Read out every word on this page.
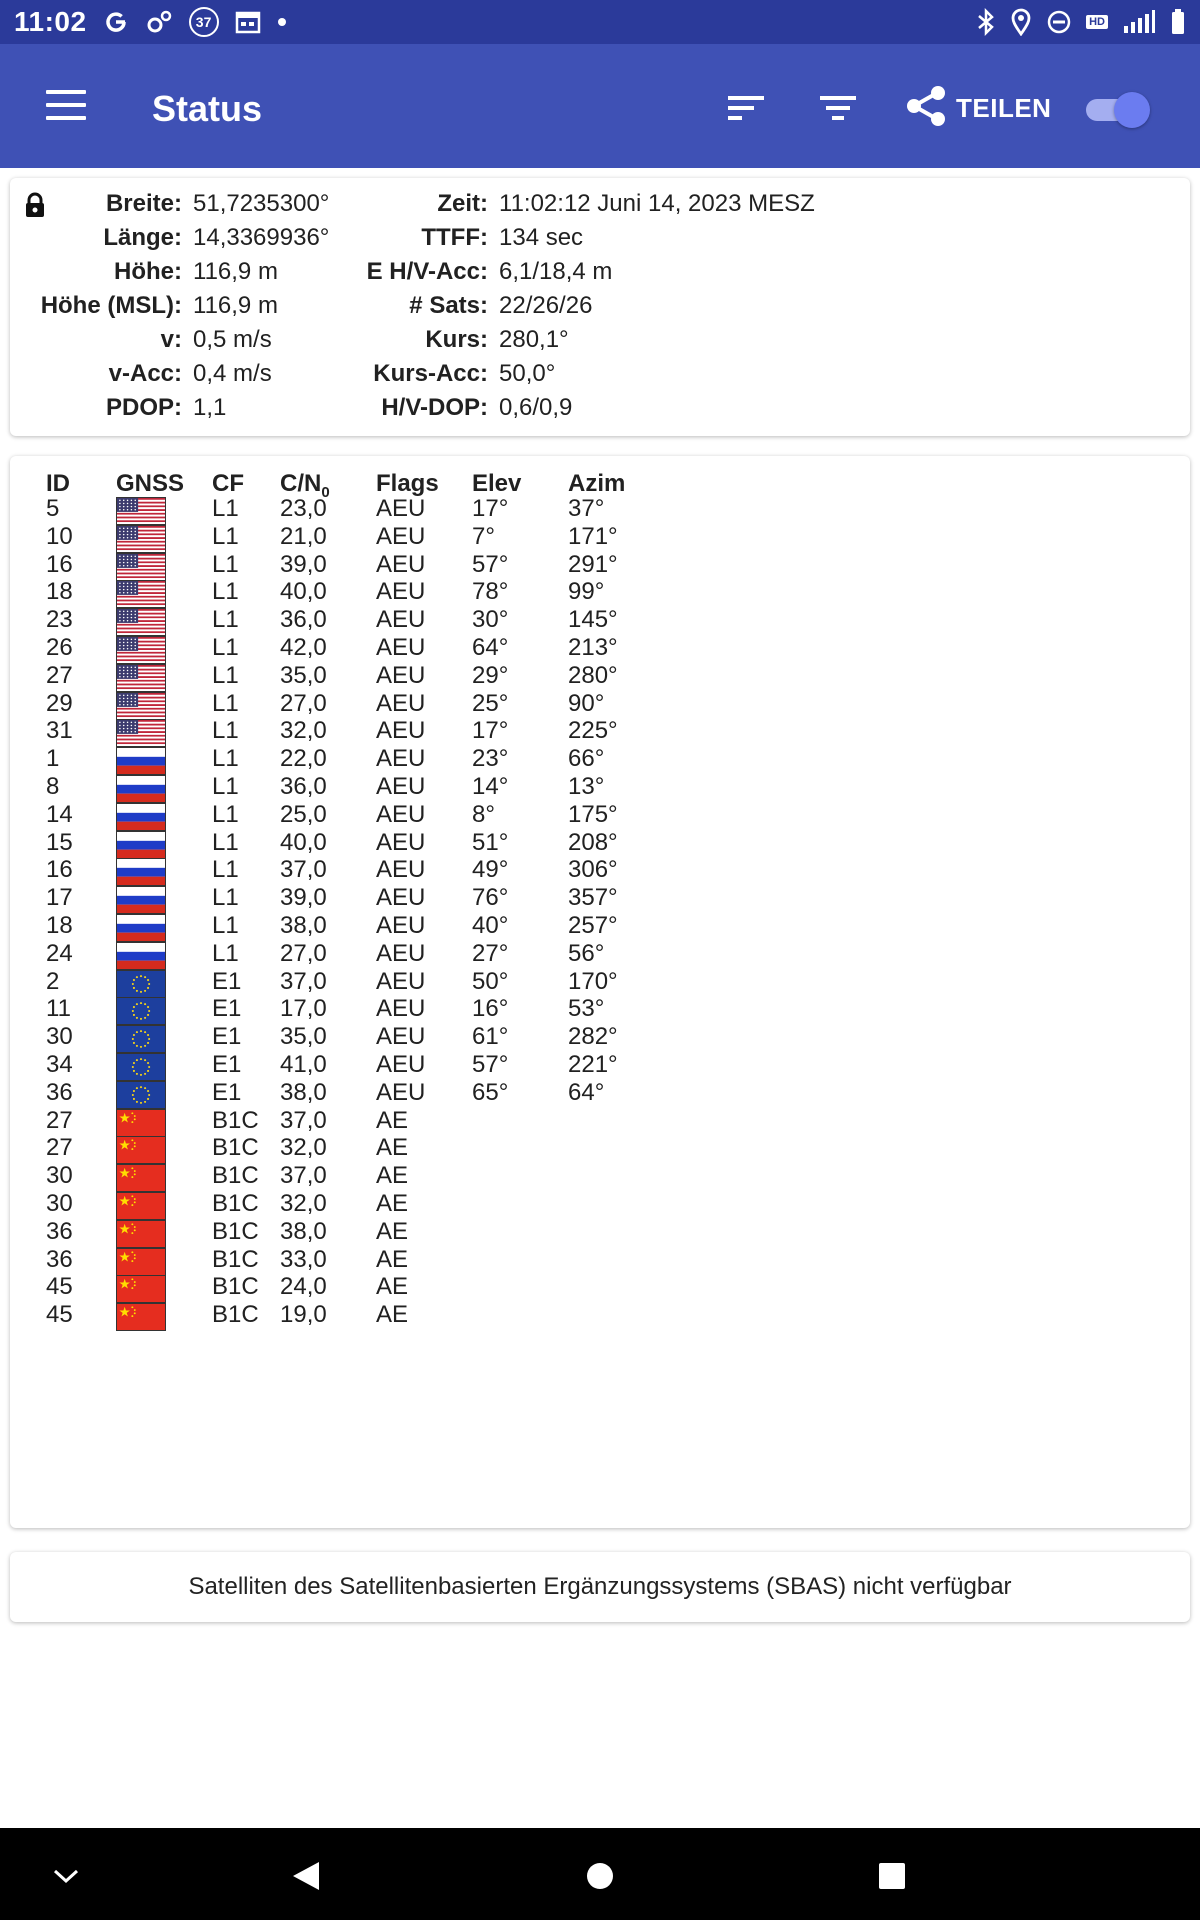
11:02	37	HD
Status	TEILEN
Breite: 51,7235300°
Länge: 14,3369936°
Höhe: 116,9 m
Höhe (MSL): 116,9 m
v: 0,5 m/s
v-Acc: 0,4 m/s
PDOP: 1,1
Zeit: 11:02:12 Juni 14, 2023 MESZ
TTFF: 134 sec
E H/V-Acc: 6,1/18,4 m
# Sats: 22/26/26
Kurs: 280,1°
Kurs-Acc: 50,0°
H/V-DOP: 0,6/0,9
ID GNSS CF $C/N_0$ Flags Elev Azim
5	L1 23,0 AEU 17° 37°
10	L1 21,0 AEU 7°	171°
16	L1 39,0 AEU 57° 291°
18	L1 40,0 AEU 78° 99°
23	L1 36,0 AEU 30° 145°
26	L1 42,0 AEU 64° 213°
27	L1 35,0 AEU 29° 280°
29	L1 27,0 AEU 25° 90°
31	L1 32,0 AEU 17° 225°
1	L1 22,0 AEU 23° 66°
8	L1 36,0 AEU 14° 13°
14	L1 25,0 AEU 8°	175°
15	L1 40,0 AEU 51° 208°
16	L1 37,0 AEU 49° 306°
17	L1 39,0 AEU 76° 357°
18	L1 38,0 AEU 40° 257°
24	L1 27,0 AEU 27° 56°
2	E1 37,0 AEU 50° 170°
11	E1 17,0 AEU 16° 53°
30	E1 35,0 AEU 61° 282°
34	E1 41,0 AEU 57° 221°
36	E1 38,0 AEU 65° 64°
27	B1C 37,0 AE
27	B1C 32,0 AE
30	B1C 37,0 AE
30	B1C 32,0 AE
36	B1C 38,0 AE
36	B1C 33,0 AE
45	B1C 24,0 AE
45	B1C 19,0 AE
Satelliten des Satellitenbasierten Ergänzungssystems (SBAS) nicht verfügbar
